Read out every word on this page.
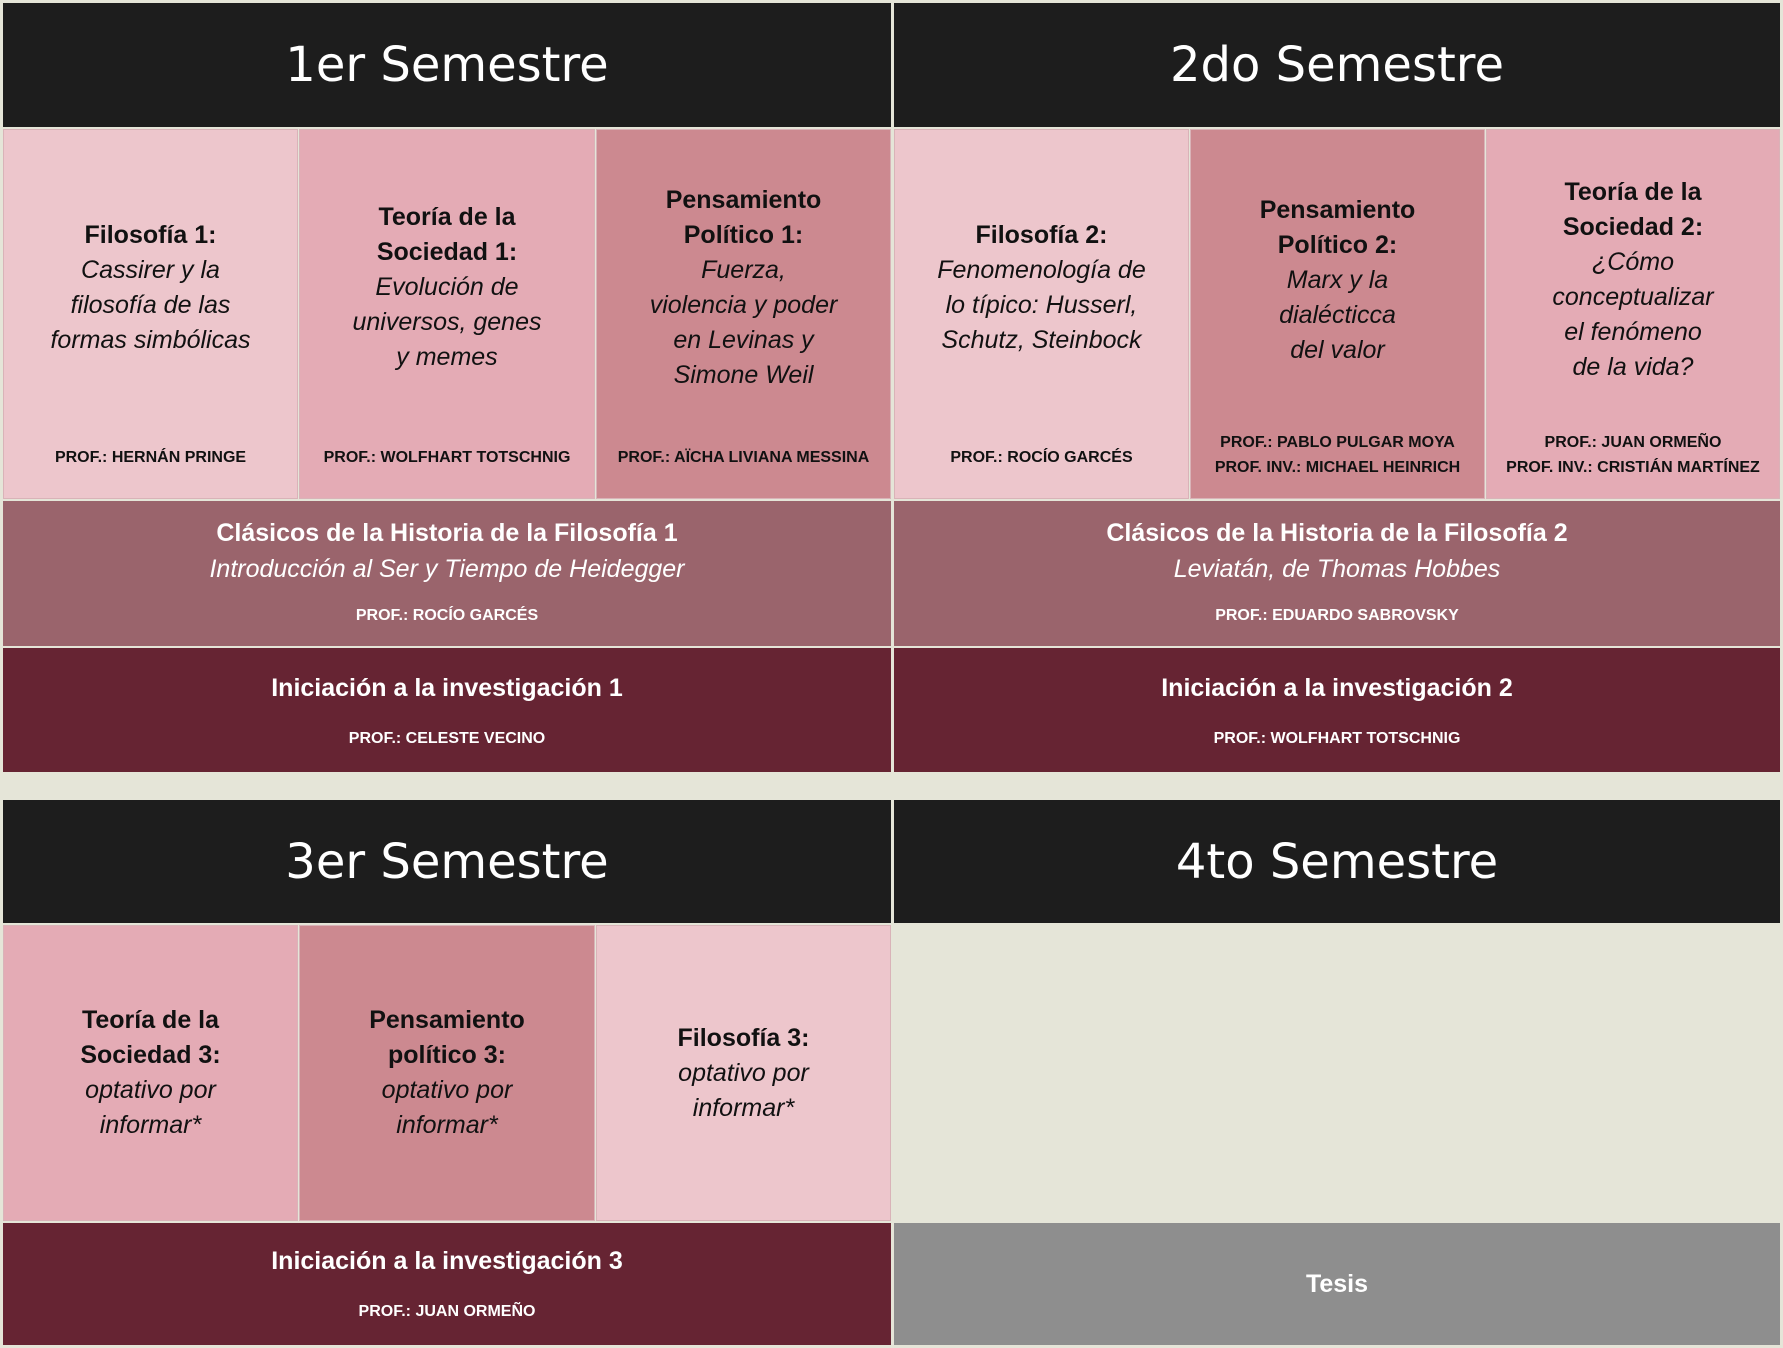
1er Semestre	2do Semestre
Filosofía 1:
Cassirer y la
filosofía de las
formas simbólicas
PROF.: HERNÁN PRINGE
Teoría de la
Sociedad 1:
Evolución de
universos, genes
y memes
PROF.: WOLFHART TOTSCHNIG
Pensamiento
Político 1:
Fuerza,
violencia y poder
en Levinas y
Simone Weil
PROF.: AÏCHA LIVIANA MESSINA
Filosofía 2:
Fenomenología de
lo típico: Husserl,
Schutz, Steinbock
PROF.: ROCÍO GARCÉS
Pensamiento
Político 2:
Marx y la
dialécticca
del valor
PROF.: PABLO PULGAR MOYA
PROF. INV.: MICHAEL HEINRICH
Teoría de la
Sociedad 2:
¿Cómo
conceptualizar
el fenómeno
de la vida?
PROF.: JUAN ORMEÑO
PROF. INV.: CRISTIÁN MARTÍNEZ
Clásicos de la Historia de la Filosofía 1
Introducción al Ser y Tiempo de Heidegger
PROF.: ROCÍO GARCÉS
Clásicos de la Historia de la Filosofía 2
Leviatán, de Thomas Hobbes
PROF.: EDUARDO SABROVSKY
Iniciación a la investigación 1
PROF.: CELESTE VECINO
Iniciación a la investigación 2
PROF.: WOLFHART TOTSCHNIG
3er Semestre	4to Semestre
Teoría de la
Sociedad 3:
optativo por
informar*
Pensamiento
político 3:
optativo por
informar*
Filosofía 3:
optativo por
informar*
Iniciación a la investigación 3
PROF.: JUAN ORMEÑO
Tesis
